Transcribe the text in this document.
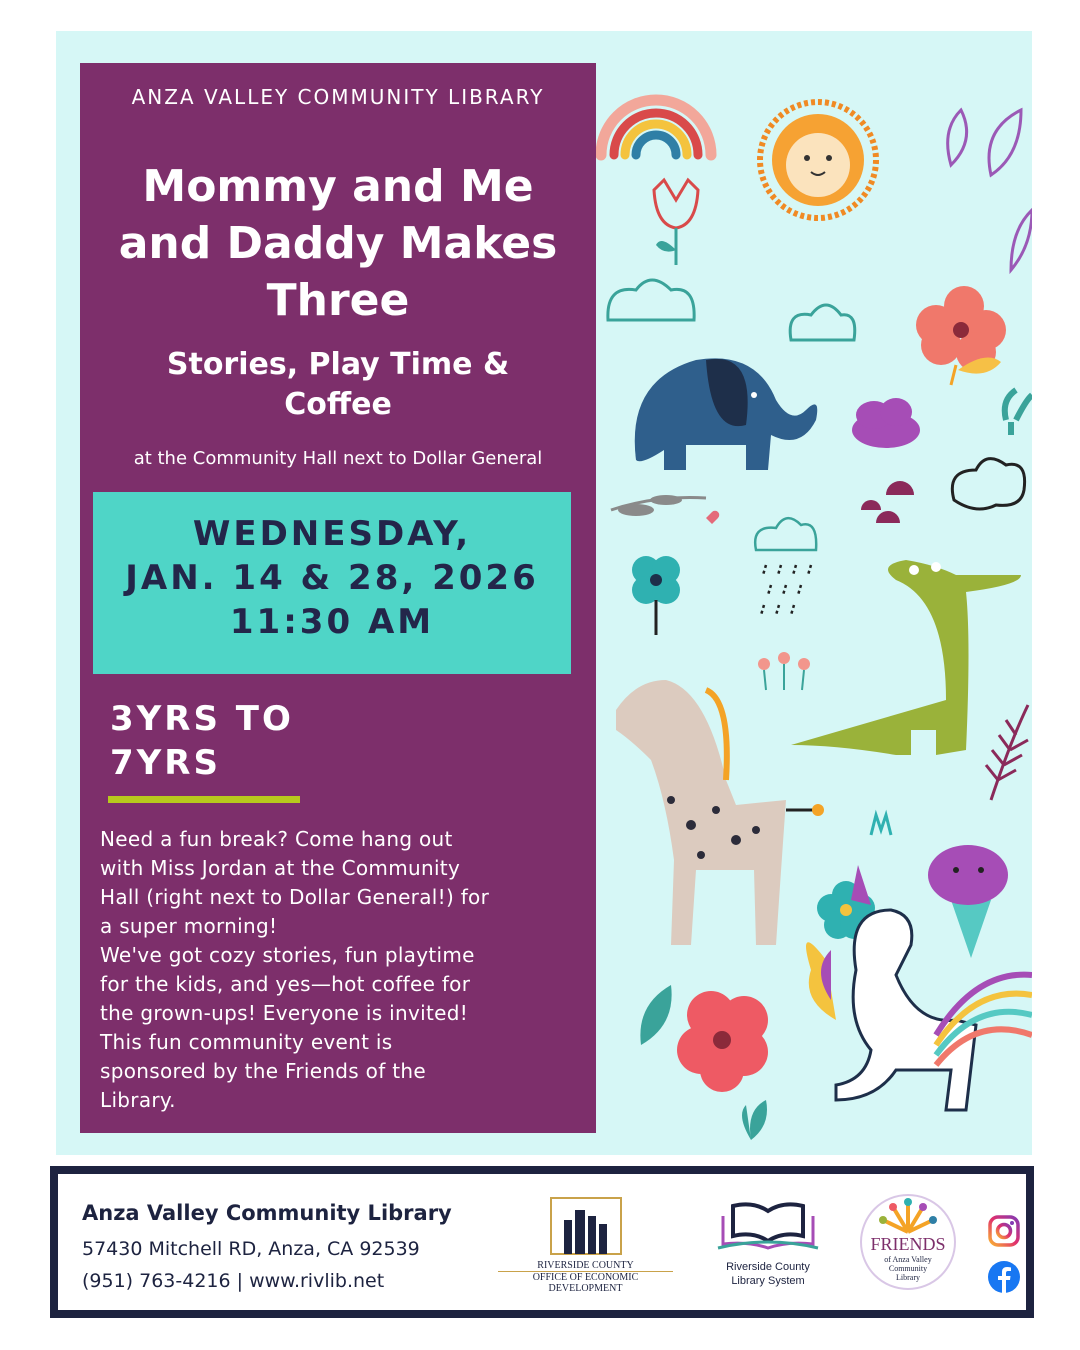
ANZA VALLEY COMMUNITY LIBRARY
Mommy and Me
and Daddy Makes
Three
Stories, Play Time &
Coffee
at the Community Hall next to Dollar General
3YRS TO
7YRS
Need a fun break? Come hang out
with Miss Jordan at the Community
Hall (right next to Dollar General!) for
a super morning!
We've got cozy stories, fun playtime
for the kids, and yes—hot coffee for
the grown-ups! Everyone is invited!
This fun community event is
sponsored by the Friends of the
Library.
WEDNESDAY,
JAN. 14 & 28, 2026
11:30 AM
Anza Valley Community Library
57430 Mitchell RD, Anza, CA 92539
(951) 763-4216 | www.rivlib.net
RIVERSIDE COUNTY
OFFICE OF ECONOMIC DEVELOPMENT
Riverside County
Library System
FRIENDS
of Anza Valley
Community
Library
